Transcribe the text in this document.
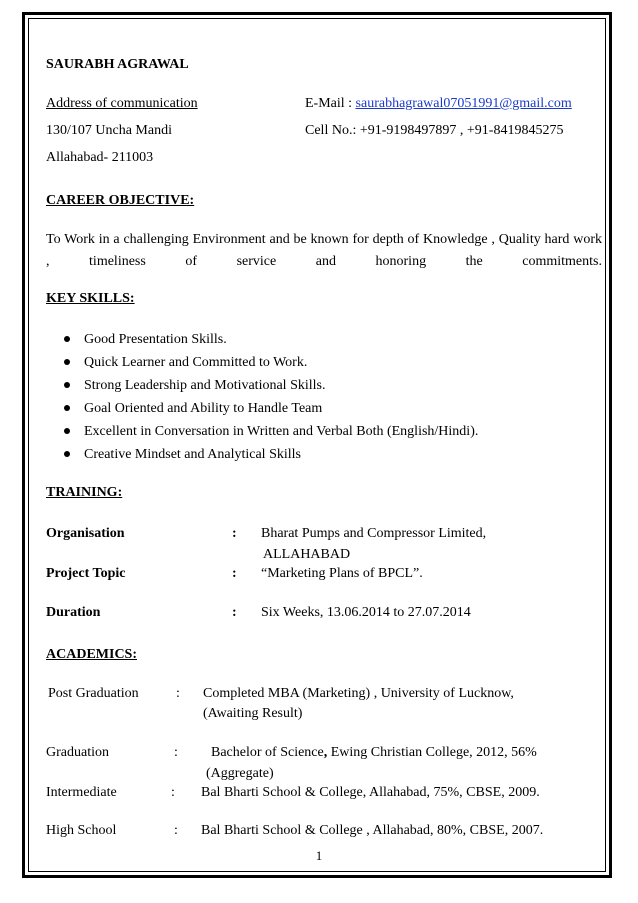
SAURABH AGRAWAL
Address of communication	E-Mail : saurabhagrawal07051991@gmail.com
130/107 Uncha Mandi	Cell No.: +91-9198497897 , +91-8419845275
Allahabad- 211003
CAREER OBJECTIVE:
To Work in a challenging Environment and be known for depth of Knowledge , Quality hard work , timeliness of service and honoring the commitments.
KEY SKILLS:
Good Presentation Skills.
Quick Learner and Committed to Work.
Strong Leadership and Motivational Skills.
Goal Oriented and Ability to Handle Team
Excellent in Conversation in Written and Verbal Both (English/Hindi).
Creative Mindset and Analytical Skills
TRAINING:
Organisation	: Bharat Pumps and Compressor Limited,
ALLAHABAD
Project Topic	: “Marketing Plans of BPCL”.
Duration	: Six Weeks, 13.06.2014 to 27.07.2014
ACADEMICS:
Post Graduation	: Completed MBA (Marketing) , University of Lucknow,
(Awaiting Result)
Graduation	: Bachelor of Science, Ewing Christian College, 2012, 56%
(Aggregate)
Intermediate	: Bal Bharti School & College, Allahabad, 75%, CBSE, 2009.
High School	: Bal Bharti School & College , Allahabad, 80%, CBSE, 2007.
1
